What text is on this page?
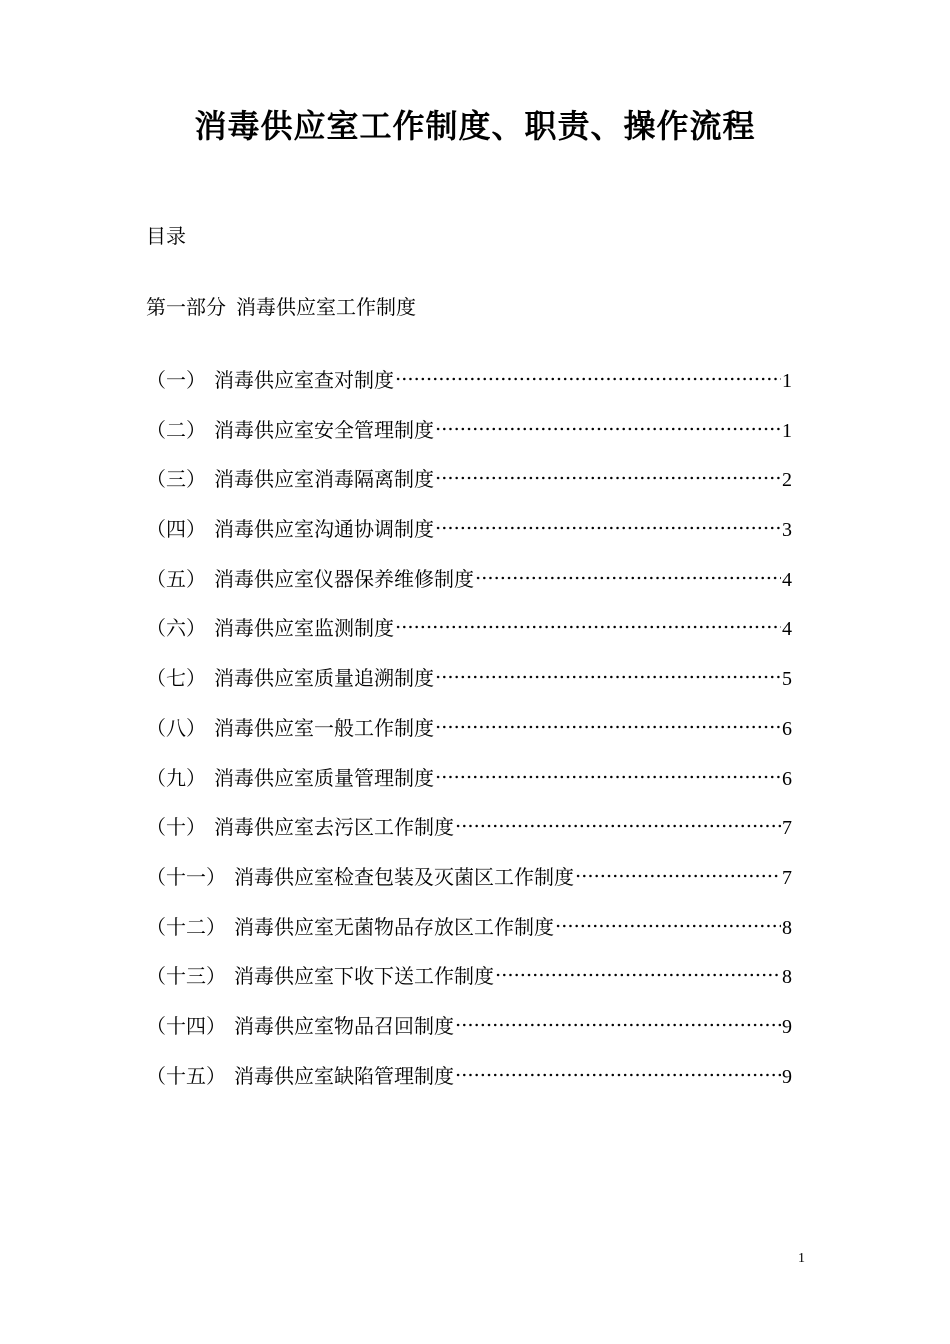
消毒供应室工作制度、职责、操作流程

目录

第一部分 消毒供应室工作制度

（一） 消毒供应室查对制度	1
（二） 消毒供应室安全管理制度	1
（三） 消毒供应室消毒隔离制度	2
（四） 消毒供应室沟通协调制度	3
（五） 消毒供应室仪器保养维修制度	4
（六） 消毒供应室监测制度	4
（七） 消毒供应室质量追溯制度	5
（八） 消毒供应室一般工作制度	6
（九） 消毒供应室质量管理制度	6
（十） 消毒供应室去污区工作制度	7
（十一） 消毒供应室检查包装及灭菌区工作制度	7
（十二） 消毒供应室无菌物品存放区工作制度	8
（十三） 消毒供应室下收下送工作制度	8
（十四） 消毒供应室物品召回制度	9
（十五） 消毒供应室缺陷管理制度	9
1
